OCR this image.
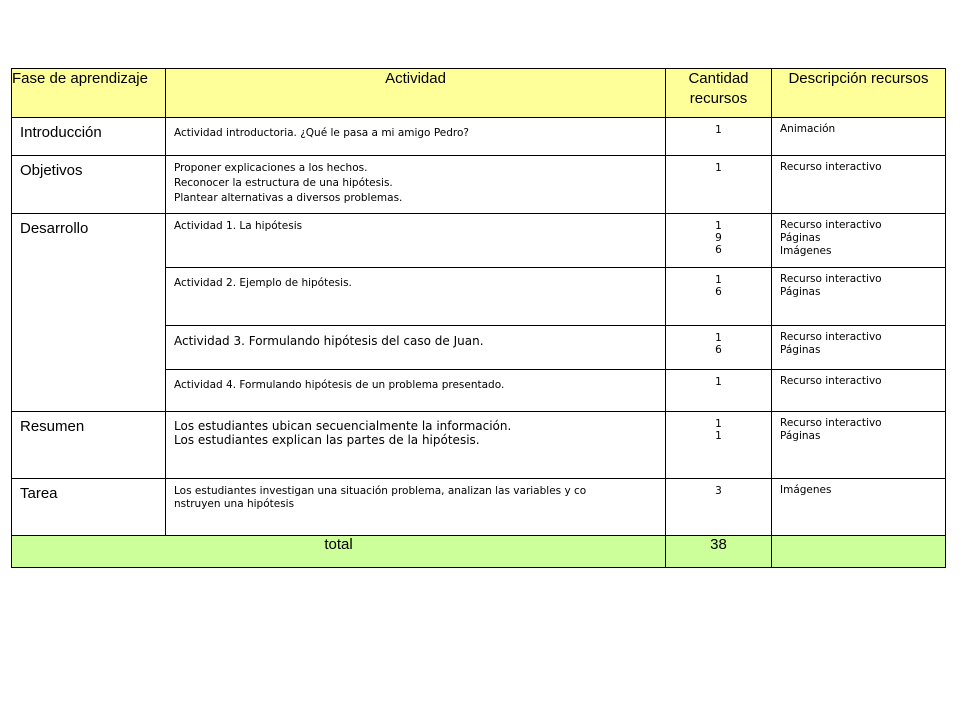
Fase de aprendizaje	Actividad	Cantidad recursos	Descripción recursos
Introducción	Actividad introductoria. ¿Qué le pasa a mi amigo Pedro?	1	Animación

Objetivos	Proponer explicaciones a los hechos.
Reconocer la estructura de una hipótesis.
Plantear alternativas a diversos problemas.	1	Recurso interactivo

Desarrollo	Actividad 1. La hipótesis	1
9
6	Recurso interactivo
Páginas
Imágenes

	Actividad 2. Ejemplo de hipótesis.	1
6	Recurso interactivo
Páginas

	Actividad 3. Formulando hipótesis del caso de Juan.	1
6	Recurso interactivo
Páginas

	Actividad 4. Formulando hipótesis de un problema presentado.	1	Recurso interactivo

Resumen	Los estudiantes ubican secuencialmente la información.
Los estudiantes explican las partes de la hipótesis.	1
1	Recurso interactivo
Páginas

Tarea	Los estudiantes investigan una situación problema, analizan las variables y co
nstruyen una hipótesis	3	Imágenes

total		38	
